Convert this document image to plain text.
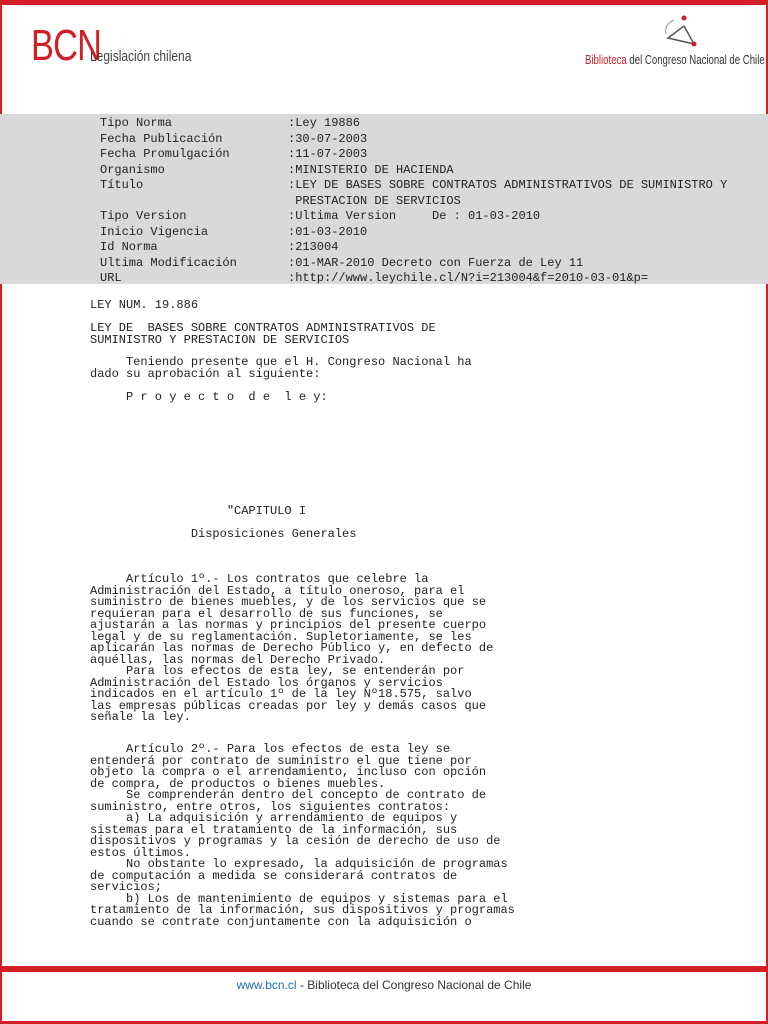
BCN
Legislación chilena	Biblioteca del Congreso Nacional de Chile
Tipo Norma	:Ley 19886
Fecha Publicación	:30-07-2003
Fecha Promulgación	:11-07-2003
Organismo	:MINISTERIO DE HACIENDA
Título	:LEY DE BASES SOBRE CONTRATOS ADMINISTRATIVOS DE SUMINISTRO Y
PRESTACION DE SERVICIOS
Tipo Version	:Ultima Version     De : 01-03-2010
Inicio Vigencia	:01-03-2010
Id Norma	:213004
Ultima Modificación	:01-MAR-2010 Decreto con Fuerza de Ley 11
URL	:http://www.leychile.cl/N?i=213004&f=2010-03-01&p=
LEY NUM. 19.886
LEY DE  BASES SOBRE CONTRATOS ADMINISTRATIVOS DE
SUMINISTRO Y PRESTACION DE SERVICIOS
Teniendo presente que el H. Congreso Nacional ha
dado su aprobación al siguiente:
P r o y e c t o  d e  l e y:
"CAPITULO I
Disposiciones Generales
Artículo 1º.- Los contratos que celebre la
Administración del Estado, a título oneroso, para el
suministro de bienes muebles, y de los servicios que se
requieran para el desarrollo de sus funciones, se
ajustarán a las normas y principios del presente cuerpo
legal y de su reglamentación. Supletoriamente, se les
aplicarán las normas de Derecho Público y, en defecto de
aquéllas, las normas del Derecho Privado.
Para los efectos de esta ley, se entenderán por
Administración del Estado los órganos y servicios
indicados en el artículo 1º de la ley Nº18.575, salvo
las empresas públicas creadas por ley y demás casos que
señale la ley.
Artículo 2º.- Para los efectos de esta ley se
entenderá por contrato de suministro el que tiene por
objeto la compra o el arrendamiento, incluso con opción
de compra, de productos o bienes muebles.
Se comprenderán dentro del concepto de contrato de
suministro, entre otros, los siguientes contratos:
a) La adquisición y arrendamiento de equipos y
sistemas para el tratamiento de la información, sus
dispositivos y programas y la cesión de derecho de uso de
estos últimos.
No obstante lo expresado, la adquisición de programas
de computación a medida se considerará contratos de
servicios;
b) Los de mantenimiento de equipos y sistemas para el
tratamiento de la información, sus dispositivos y programas
cuando se contrate conjuntamente con la adquisición o
www.bcn.cl - Biblioteca del Congreso Nacional de Chile
